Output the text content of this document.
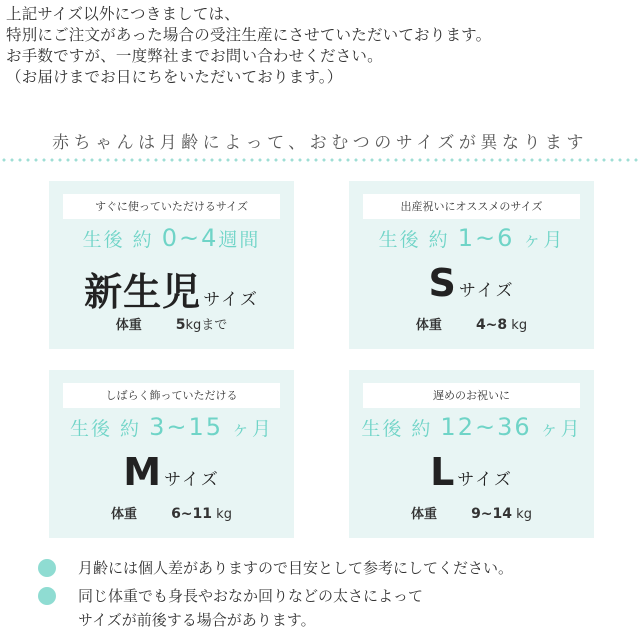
上記サイズ以外につきましては、
特別にご注文があった場合の受注生産にさせていただいております。
お手数ですが、一度弊社までお問い合わせください。
（お届けまでお日にちをいただいております。）
赤ちゃんは月齢によって、おむつのサイズが異なります
すぐに使っていただけるサイズ
生後 約 0~4週間
新生児 サイズ
体重 5kgまで
出産祝いにオススメのサイズ
生後 約 1~6 ヶ月
Sサイズ
体重 4~8 kg
しばらく飾っていただける
生後 約 3~15 ヶ月
Mサイズ
体重 6~11 kg
遅めのお祝いに
生後 約 12~36 ヶ月
Lサイズ
体重 9~14 kg
月齢には個人差がありますので目安として参考にしてください。
同じ体重でも身長やおなか回りなどの太さによって
サイズが前後する場合があります。
